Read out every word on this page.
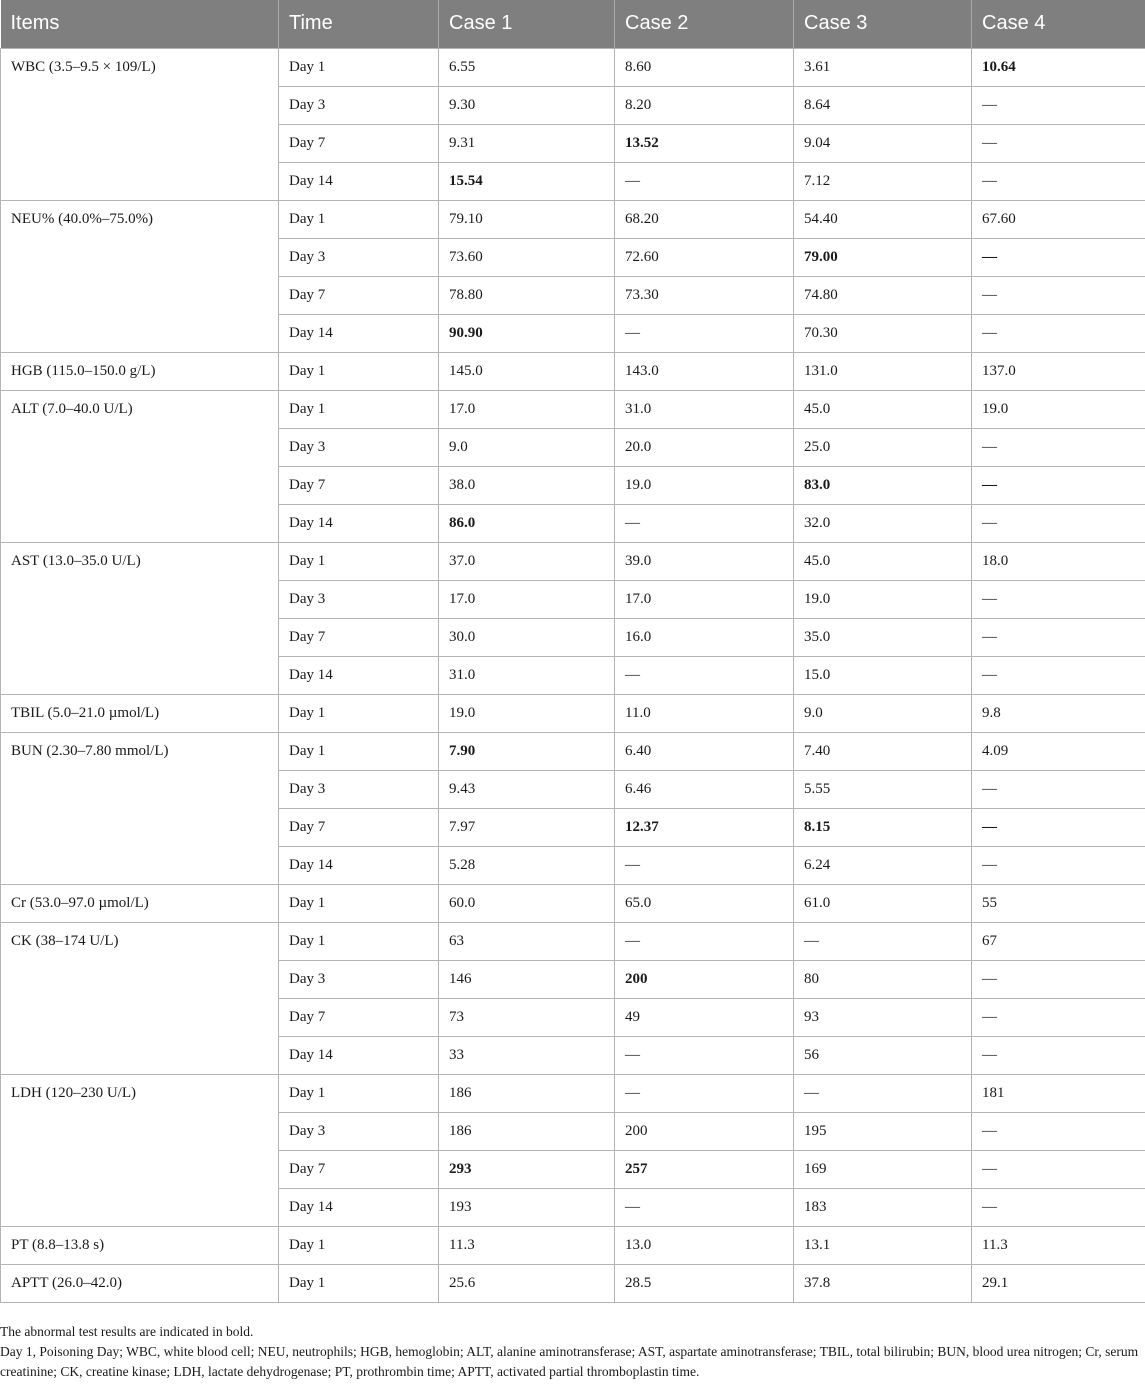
Items	Time	Case 1	Case 2	Case 3	Case 4
WBC (3.5–9.5 × 109/L)	Day 1	6.55	8.60	3.61	10.64
	Day 3	9.30	8.20	8.64	—
	Day 7	9.31	13.52	9.04	—
	Day 14	15.54	—	7.12	—
NEU% (40.0%–75.0%)	Day 1	79.10	68.20	54.40	67.60
	Day 3	73.60	72.60	79.00	—
	Day 7	78.80	73.30	74.80	—
	Day 14	90.90	—	70.30	—
HGB (115.0–150.0 g/L)	Day 1	145.0	143.0	131.0	137.0
ALT (7.0–40.0 U/L)	Day 1	17.0	31.0	45.0	19.0
	Day 3	9.0	20.0	25.0	—
	Day 7	38.0	19.0	83.0	—
	Day 14	86.0	—	32.0	—
AST (13.0–35.0 U/L)	Day 1	37.0	39.0	45.0	18.0
	Day 3	17.0	17.0	19.0	—
	Day 7	30.0	16.0	35.0	—
	Day 14	31.0	—	15.0	—
TBIL (5.0–21.0 µmol/L)	Day 1	19.0	11.0	9.0	9.8
BUN (2.30–7.80 mmol/L)	Day 1	7.90	6.40	7.40	4.09
	Day 3	9.43	6.46	5.55	—
	Day 7	7.97	12.37	8.15	—
	Day 14	5.28	—	6.24	—
Cr (53.0–97.0 µmol/L)	Day 1	60.0	65.0	61.0	55
CK (38–174 U/L)	Day 1	63	—	—	67
	Day 3	146	200	80	—
	Day 7	73	49	93	—
	Day 14	33	—	56	—
LDH (120–230 U/L)	Day 1	186	—	—	181
	Day 3	186	200	195	—
	Day 7	293	257	169	—
	Day 14	193	—	183	—
PT (8.8–13.8 s)	Day 1	11.3	13.0	13.1	11.3
APTT (26.0–42.0)	Day 1	25.6	28.5	37.8	29.1

The abnormal test results are indicated in bold.

Day 1, Poisoning Day; WBC, white blood cell; NEU, neutrophils; HGB, hemoglobin; ALT, alanine aminotransferase; AST, aspartate aminotransferase; TBIL, total bilirubin; BUN, blood urea nitrogen; Cr, serum creatinine; CK, creatine kinase; LDH, lactate dehydrogenase; PT, prothrombin time; APTT, activated partial thromboplastin time.
